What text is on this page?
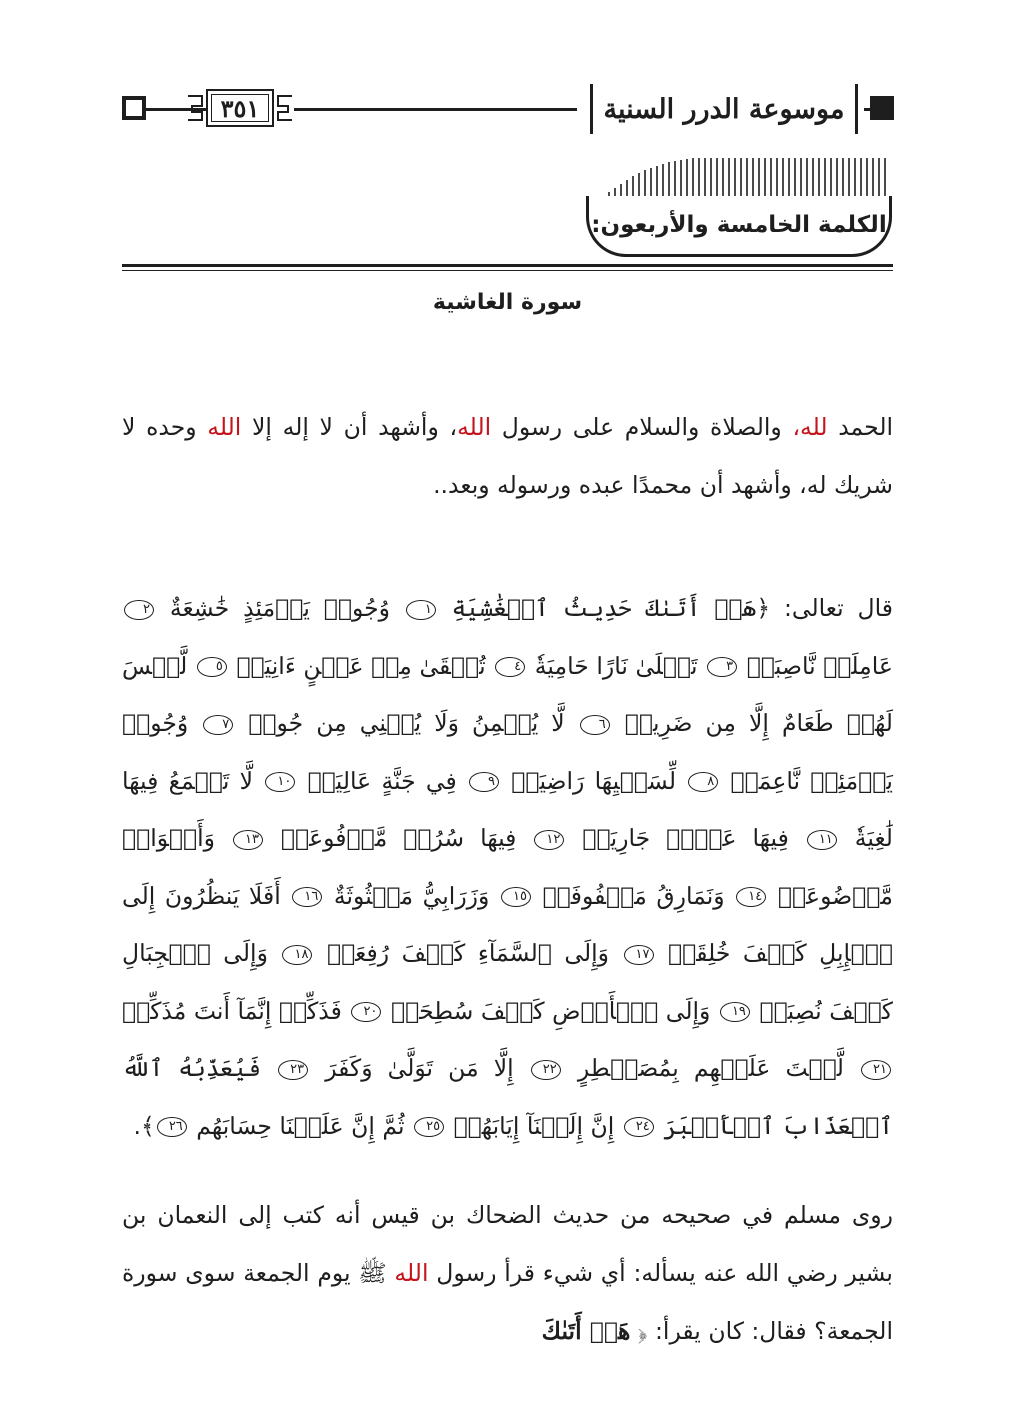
٣٥١	موسوعة الدرر السنية
الكلمة الخامسة والأربعون:
سورة الغاشية
الحمد لله، والصلاة والسلام على رسول الله، وأشهد أن لا إله إلا الله وحده لا شريك له، وأشهد أن محمدًا عبده ورسوله وبعد..
قال تعالى: ﴿هَلۡ أَتَىٰكَ حَدِيثُ ٱلۡغَٰشِيَةِ ١ وُجُوهٞ يَوۡمَئِذٍ خَٰشِعَةٌ ٢ عَامِلَةٞ نَّاصِبَةٞ ٣ تَصۡلَىٰ نَارًا حَامِيَةٗ ٤ تُسۡقَىٰ مِنۡ عَيۡنٍ ءَانِيَةٖ ٥ لَّيۡسَ لَهُمۡ طَعَامٌ إِلَّا مِن ضَرِيعٖ ٦ لَّا يُسۡمِنُ وَلَا يُغۡنِي مِن جُوعٖ ٧ وُجُوهٞ يَوۡمَئِذٖ نَّاعِمَةٞ ٨ لِّسَعۡيِهَا رَاضِيَةٞ ٩ فِي جَنَّةٍ عَالِيَةٖ ١٠ لَّا تَسۡمَعُ فِيهَا لَٰغِيَةٗ ١١ فِيهَا عَيۡنٞ جَارِيَةٞ ١٢ فِيهَا سُرُرٞ مَّرۡفُوعَةٞ ١٣ وَأَكۡوَابٞ مَّوۡضُوعَةٞ ١٤ وَنَمَارِقُ مَصۡفُوفَةٞ ١٥ وَزَرَابِيُّ مَبۡثُوثَةٌ ١٦ أَفَلَا يَنظُرُونَ إِلَى ٱلۡإِبِلِ كَيۡفَ خُلِقَتۡ ١٧ وَإِلَى ٱلسَّمَآءِ كَيۡفَ رُفِعَتۡ ١٨ وَإِلَى ٱلۡجِبَالِ كَيۡفَ نُصِبَتۡ ١٩ وَإِلَى ٱلۡأَرۡضِ كَيۡفَ سُطِحَتۡ ٢٠ فَذَكِّرۡ إِنَّمَآ أَنتَ مُذَكِّرٞ ٢١ لَّسۡتَ عَلَيۡهِم بِمُصَيۡطِرٍ ٢٢ إِلَّا مَن تَوَلَّىٰ وَكَفَرَ ٢٣ فَيُعَذِّبُهُ ٱللَّهُ ٱلۡعَذَابَ ٱلۡأَكۡبَرَ ٢٤ إِنَّ إِلَيۡنَآ إِيَابَهُمۡ ٢٥ ثُمَّ إِنَّ عَلَيۡنَا حِسَابَهُم ٢٦﴾.
روى مسلم في صحيحه من حديث الضحاك بن قيس أنه كتب إلى النعمان بن بشير رضي الله عنه يسأله: أي شيء قرأ رسول الله ﷺ يوم الجمعة سوى سورة الجمعة؟ فقال: كان يقرأ: ﴿ هَلۡ أَتَىٰكَ
